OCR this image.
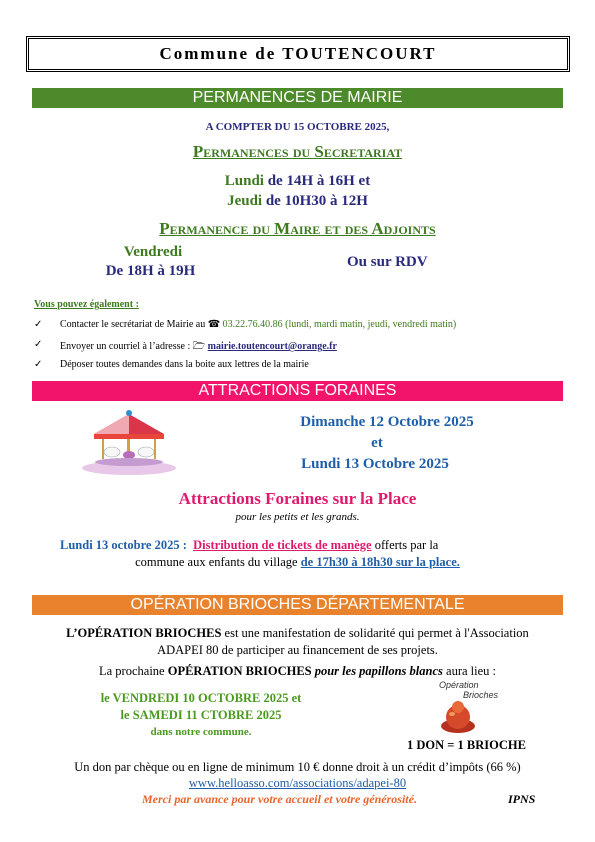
Commune de TOUTENCOURT
PERMANENCES DE MAIRIE
A COMPTER DU 15 OCTOBRE 2025,
Permanences du Secretariat
Lundi de 14H à 16H et
Jeudi de 10H30 à 12H
Permanence du Maire et des Adjoints
Vendredi
De 18H à 19H
Ou sur RDV
Vous pouvez également :
✓	Contacter le secrétariat de Mairie au ☎ 03.22.76.40.86 (lundi, mardi matin, jeudi, vendredi matin)
✓	Envoyer un courriel à l’adresse : 🗁 mairie.toutencourt@orange.fr
✓	Déposer toutes demandes dans la boite aux lettres de la mairie
ATTRACTIONS FORAINES
Dimanche 12 Octobre 2025
et
Lundi 13 Octobre 2025
Attractions Foraines sur la Place
pour les petits et les grands.
Lundi 13 octobre 2025 : Distribution de tickets de manège offerts par la
commune aux enfants du village de 17h30 à 18h30 sur la place.
OPÉRATION BRIOCHES DÉPARTEMENTALE
L’OPÉRATION BRIOCHES est une manifestation de solidarité qui permet à l'Association
ADAPEI 80 de participer au financement de ses projets.
La prochaine OPÉRATION BRIOCHES pour les papillons blancs aura lieu :
le VENDREDI 10 OCTOBRE 2025 et
le SAMEDI 11 CTOBRE 2025
dans notre commune.
Opération
Brioches
1 DON = 1 BRIOCHE
Un don par chèque ou en ligne de minimum 10 € donne droit à un crédit d’impôts (66 %)
www.helloasso.com/associations/adapei-80
Merci par avance pour votre accueil et votre générosité.	IPNS
